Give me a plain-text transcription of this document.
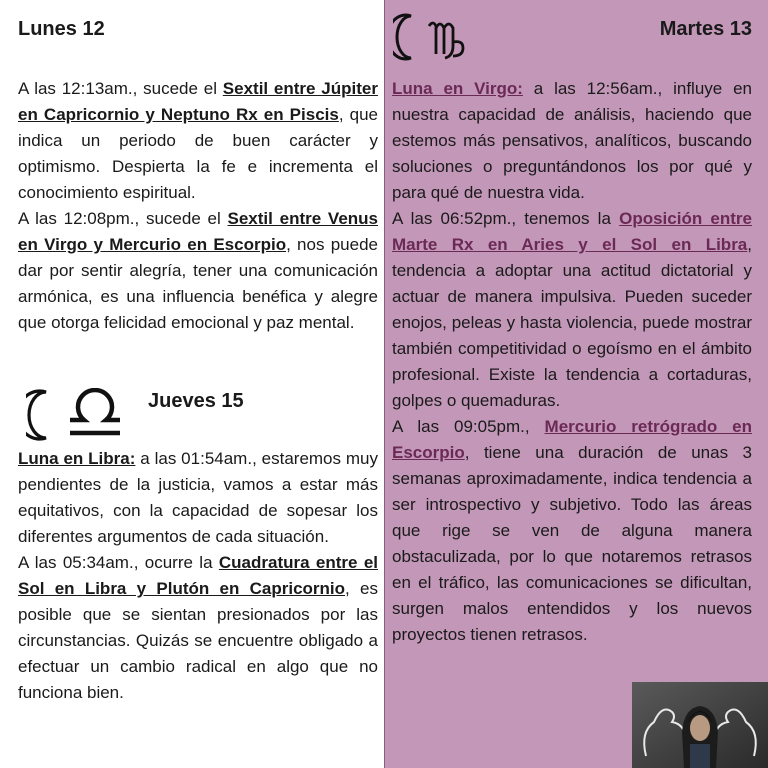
Lunes 12

A las 12:13am., sucede el Sextil entre Júpiter en Capricornio y Neptuno Rx en Piscis, que indica un periodo de buen carácter y optimismo. Despierta la fe e incrementa el conocimiento espiritual.

A las 12:08pm., sucede el Sextil entre Venus en Virgo y Mercurio en Escorpio, nos puede dar por sentir alegría, tener una comunicación armónica, es una influencia benéfica y alegre que otorga felicidad emocional y paz mental.

Jueves 15

Luna en Libra: a las 01:54am., estaremos muy pendientes de la justicia, vamos a estar más equitativos, con la capacidad de sopesar los diferentes argumentos de cada situación.

A las 05:34am., ocurre la Cuadratura entre el Sol en Libra y Plutón en Capricornio, es posible que se sientan presionados por las circunstancias. Quizás se encuentre obligado a efectuar un cambio radical en algo que no funciona bien.

Martes 13

Luna en Virgo: a las 12:56am., influye en nuestra capacidad de análisis, haciendo que estemos más pensativos, analíticos, buscando soluciones o preguntándonos los por qué y para qué de nuestra vida.

A las 06:52pm., tenemos la Oposición entre Marte Rx en Aries y el Sol en Libra, tendencia a adoptar una actitud dictatorial y actuar de manera impulsiva. Pueden suceder enojos, peleas y hasta violencia, puede mostrar también competitividad o egoísmo en el ámbito profesional. Existe la tendencia a cortaduras, golpes o quemaduras.

A las 09:05pm., Mercurio retrógrado en Escorpio, tiene una duración de unas 3 semanas aproximadamente, indica tendencia a ser introspectivo y subjetivo. Todo las áreas que rige se ven de alguna manera obstaculizada, por lo que notaremos retrasos en el tráfico, las comunicaciones se dificultan, surgen malos entendidos y los nuevos proyectos tienen retrasos.
